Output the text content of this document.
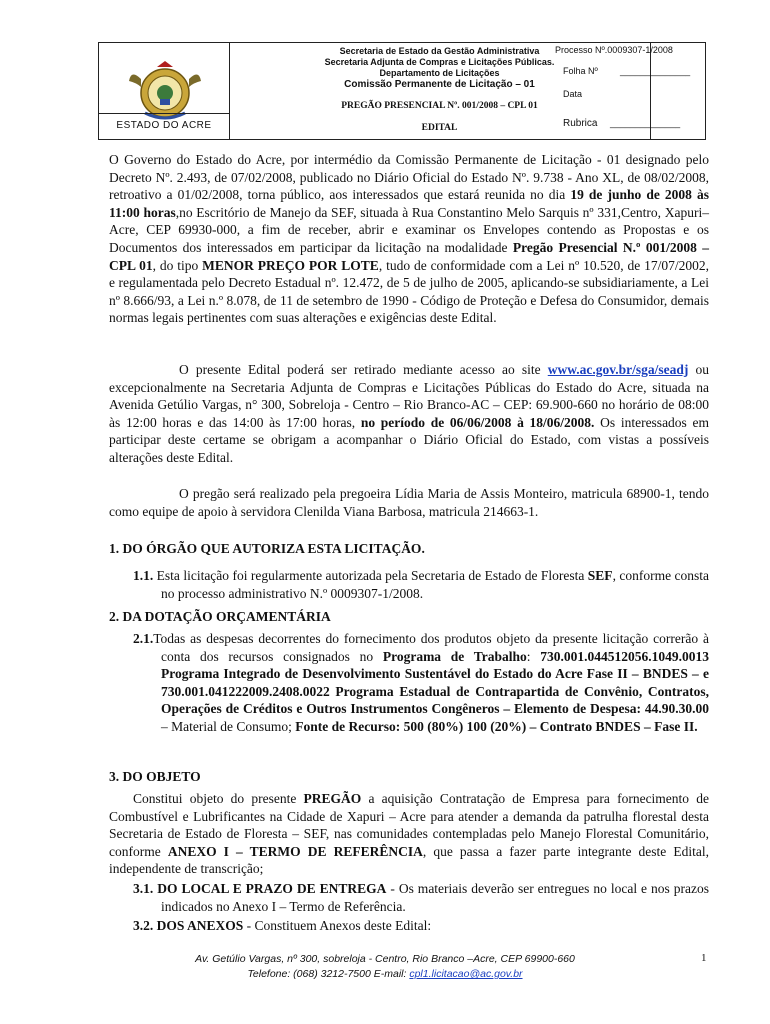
ESTADO DO ACRE
Secretaria de Estado da Gestão Administrativa
Secretaria Adjunta de Compras e Licitações Públicas.
Departamento de Licitações
Comissão Permanente de Licitação – 01
PREGÃO PRESENCIAL Nº. 001/2008 – CPL 01
EDITAL
Processo Nº.0009307-1/2008
Folha Nº ______________
Data
Rubrica ______________

O Governo do Estado do Acre, por intermédio da Comissão Permanente de Licitação - 01 designado pelo Decreto Nº. 2.493, de 07/02/2008, publicado no Diário Oficial do Estado Nº. 9.738 - Ano XL, de 08/02/2008, retroativo a 01/02/2008, torna público, aos interessados que estará reunida no dia 19 de junho de 2008 às 11:00 horas,no Escritório de Manejo da SEF, situada à Rua Constantino Melo Sarquis nº 331,Centro, Xapuri–Acre, CEP 69930-000, a fim de receber, abrir e examinar os Envelopes contendo as Propostas e os Documentos dos interessados em participar da licitação na modalidade Pregão Presencial N.º 001/2008 – CPL 01, do tipo MENOR PREÇO POR LOTE, tudo de conformidade com a Lei nº 10.520, de 17/07/2002, e regulamentada pelo Decreto Estadual nº. 12.472, de 5 de julho de 2005, aplicando-se subsidiariamente, a Lei nº 8.666/93, a Lei n.º 8.078, de 11 de setembro de 1990 - Código de Proteção e Defesa do Consumidor, demais normas legais pertinentes com suas alterações e exigências deste Edital.

O presente Edital poderá ser retirado mediante acesso ao site www.ac.gov.br/sga/seadj ou excepcionalmente na Secretaria Adjunta de Compras e Licitações Públicas do Estado do Acre, situada na Avenida Getúlio Vargas, n° 300, Sobreloja - Centro – Rio Branco-AC – CEP: 69.900-660 no horário de 08:00 às 12:00 horas e das 14:00 às 17:00 horas, no período de 06/06/2008 à 18/06/2008. Os interessados em participar deste certame se obrigam a acompanhar o Diário Oficial do Estado, com vistas a possíveis alterações deste Edital.

O pregão será realizado pela pregoeira Lídia Maria de Assis Monteiro, matricula 68900-1, tendo como equipe de apoio à servidora Clenilda Viana Barbosa, matricula 214663-1.

1. DO ÓRGÃO QUE AUTORIZA ESTA LICITAÇÃO.

1.1. Esta licitação foi regularmente autorizada pela Secretaria de Estado de Floresta SEF, conforme consta no processo administrativo N.º 0009307-1/2008.

2. DA DOTAÇÃO ORÇAMENTÁRIA

2.1.Todas as despesas decorrentes do fornecimento dos produtos objeto da presente licitação correrão à conta dos recursos consignados no Programa de Trabalho: 730.001.044512056.1049.0013 Programa Integrado de Desenvolvimento Sustentável do Estado do Acre Fase II – BNDES – e 730.001.041222009.2408.0022 Programa Estadual de Contrapartida de Convênio, Contratos, Operações de Créditos e Outros Instrumentos Congêneros – Elemento de Despesa: 44.90.30.00 – Material de Consumo; Fonte de Recurso: 500 (80%) 100 (20%) – Contrato BNDES – Fase II.

3. DO OBJETO

Constitui objeto do presente PREGÃO a aquisição Contratação de Empresa para fornecimento de Combustível e Lubrificantes na Cidade de Xapuri – Acre para atender a demanda da patrulha florestal desta Secretaria de Estado de Floresta – SEF, nas comunidades contempladas pelo Manejo Florestal Comunitário, conforme ANEXO I – TERMO DE REFERÊNCIA, que passa a fazer parte integrante deste Edital, independente de transcrição;

3.1. DO LOCAL E PRAZO DE ENTREGA - Os materiais deverão ser entregues no local e nos prazos indicados no Anexo I – Termo de Referência.

3.2. DOS ANEXOS - Constituem Anexos deste Edital:

Av. Getúlio Vargas, nº 300, sobreloja - Centro, Rio Branco –Acre, CEP 69900-660
Telefone: (068) 3212-7500 E-mail: cpl1.licitacao@ac.gov.br
1
